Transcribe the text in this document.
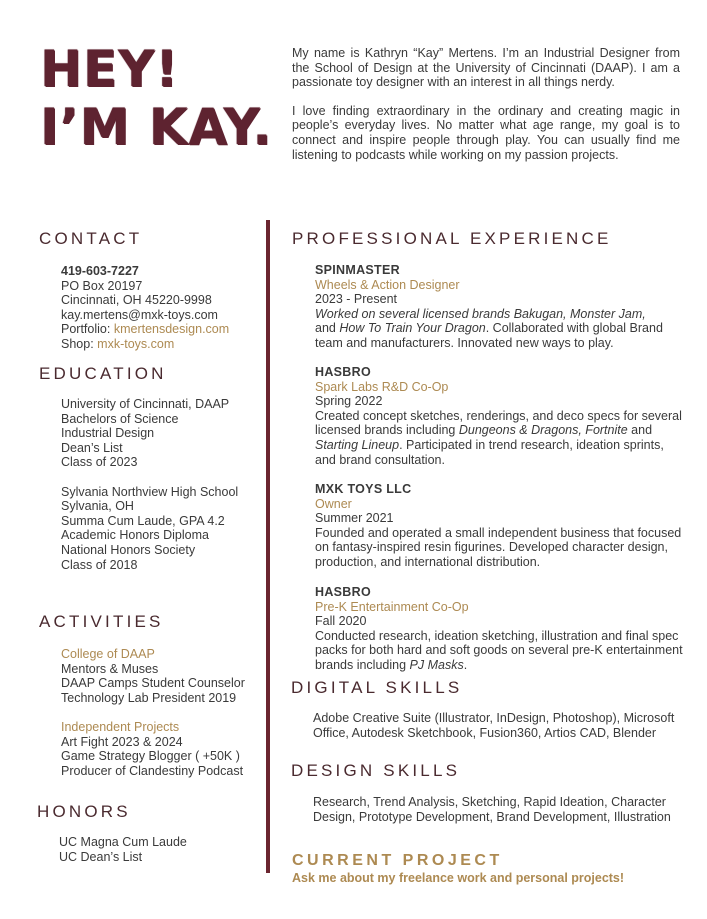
HEY!
I’M KAY.

My name is Kathryn “Kay” Mertens. I’m an Industrial Designer from the School of Design at the University of Cincinnati (DAAP). I am a passionate toy designer with an interest in all things nerdy.

I love finding extraordinary in the ordinary and creating magic in people’s everyday lives. No matter what age range, my goal is to connect and inspire people through play. You can usually find me listening to podcasts while working on my passion projects.

CONTACT
419-603-7227
PO Box 20197
Cincinnati, OH 45220-9998
kay.mertens@mxk-toys.com
Portfolio: kmertensdesign.com
Shop: mxk-toys.com
EDUCATION
University of Cincinnati, DAAP
Bachelors of Science
Industrial Design
Dean’s List
Class of 2023
Sylvania Northview High School
Sylvania, OH
Summa Cum Laude, GPA 4.2
Academic Honors Diploma
National Honors Society
Class of 2018
ACTIVITIES
College of DAAP
Mentors & Muses
DAAP Camps Student Counselor
Technology Lab President 2019
Independent Projects
Art Fight 2023 & 2024
Game Strategy Blogger ( +50K )
Producer of Clandestiny Podcast
HONORS
UC Magna Cum Laude
UC Dean’s List
PROFESSIONAL EXPERIENCE
SPINMASTER
Wheels & Action Designer
2023 - Present
Worked on several licensed brands Bakugan, Monster Jam,
and How To Train Your Dragon. Collaborated with global Brand team and manufacturers. Innovated new ways to play.
HASBRO
Spark Labs R&D Co-Op
Spring 2022
Created concept sketches, renderings, and deco specs for several licensed brands including Dungeons & Dragons, Fortnite and Starting Lineup. Participated in trend research, ideation sprints, and brand consultation.
MXK TOYS LLC
Owner
Summer 2021
Founded and operated a small independent business that focused on fantasy-inspired resin figurines. Developed character design, production, and international distribution.
HASBRO
Pre-K Entertainment Co-Op
Fall 2020
Conducted research, ideation sketching, illustration and final spec packs for both hard and soft goods on several pre-K entertainment brands including PJ Masks.
DIGITAL SKILLS
Adobe Creative Suite (Illustrator, InDesign, Photoshop), Microsoft Office, Autodesk Sketchbook, Fusion360, Artios CAD, Blender
DESIGN SKILLS
Research, Trend Analysis, Sketching, Rapid Ideation, Character Design, Prototype Development, Brand Development, Illustration
CURRENT PROJECT
Ask me about my freelance work and personal projects!
